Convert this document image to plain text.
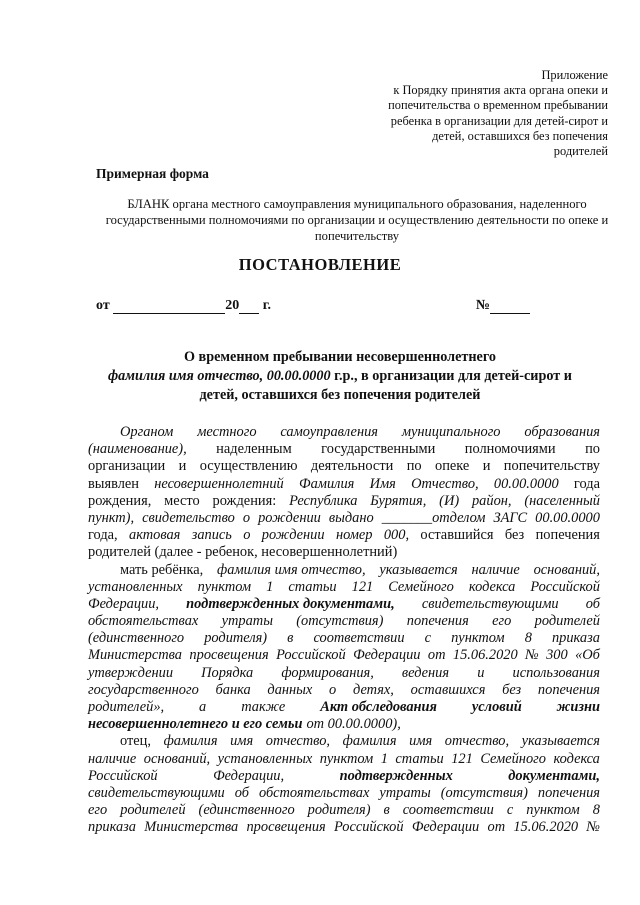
Приложение
к Порядку принятия акта органа опеки и
попечительства о временном пребывании
ребенка в организации для детей-сирот и
детей, оставшихся без попечения
родителей
Примерная форма
БЛАНК органа местного самоуправления муниципального образования, наделенного
государственными полномочиями по организации и осуществлению деятельности по опеке и
попечительству
ПОСТАНОВЛЕНИЕ
от	20 г.	№
О временном пребывании несовершеннолетнего
фамилия имя отчество, 00.00.0000 г.р., в организации для детей-сирот и
детей, оставшихся без попечения родителей
Органом местного самоуправления муниципального образования
(наименование), наделенным государственными полномочиями по
организации и осуществлению деятельности по опеке и попечительству
выявлен несовершеннолетний Фамилия Имя Отчество, 00.00.0000 года
рождения, место рождения: Республика Бурятия, (И) район, (населенный
пункт), свидетельство о рождении выдано _______отделом ЗАГС 00.00.0000
года, актовая запись о рождении номер 000, оставшийся без попечения
родителей (далее - ребенок, несовершеннолетний)
мать ребёнка, фамилия имя отчество, указывается наличие оснований,
установленных пунктом 1 статьи 121 Семейного кодекса Российской
Федерации, подтвержденных документами, свидетельствующими об
обстоятельствах утраты (отсутствия) попечения его родителей
(единственного родителя) в соответствии с пунктом 8 приказа
Министерства просвещения Российской Федерации от 15.06.2020 № 300 «Об
утверждении Порядка формирования, ведения и использования
государственного банка данных о детях, оставшихся без попечения
родителей», а также Акт обследования условий жизни
несовершеннолетнего и его семьи от 00.00.0000),
отец, фамилия имя отчество, фамилия имя отчество, указывается
наличие оснований, установленных пунктом 1 статьи 121 Семейного кодекса
Российской	Федерации,	подтвержденных	документами,
свидетельствующими об обстоятельствах утраты (отсутствия) попечения
его родителей (единственного родителя) в соответствии с пунктом 8
приказа Министерства просвещения Российской Федерации от 15.06.2020 №
